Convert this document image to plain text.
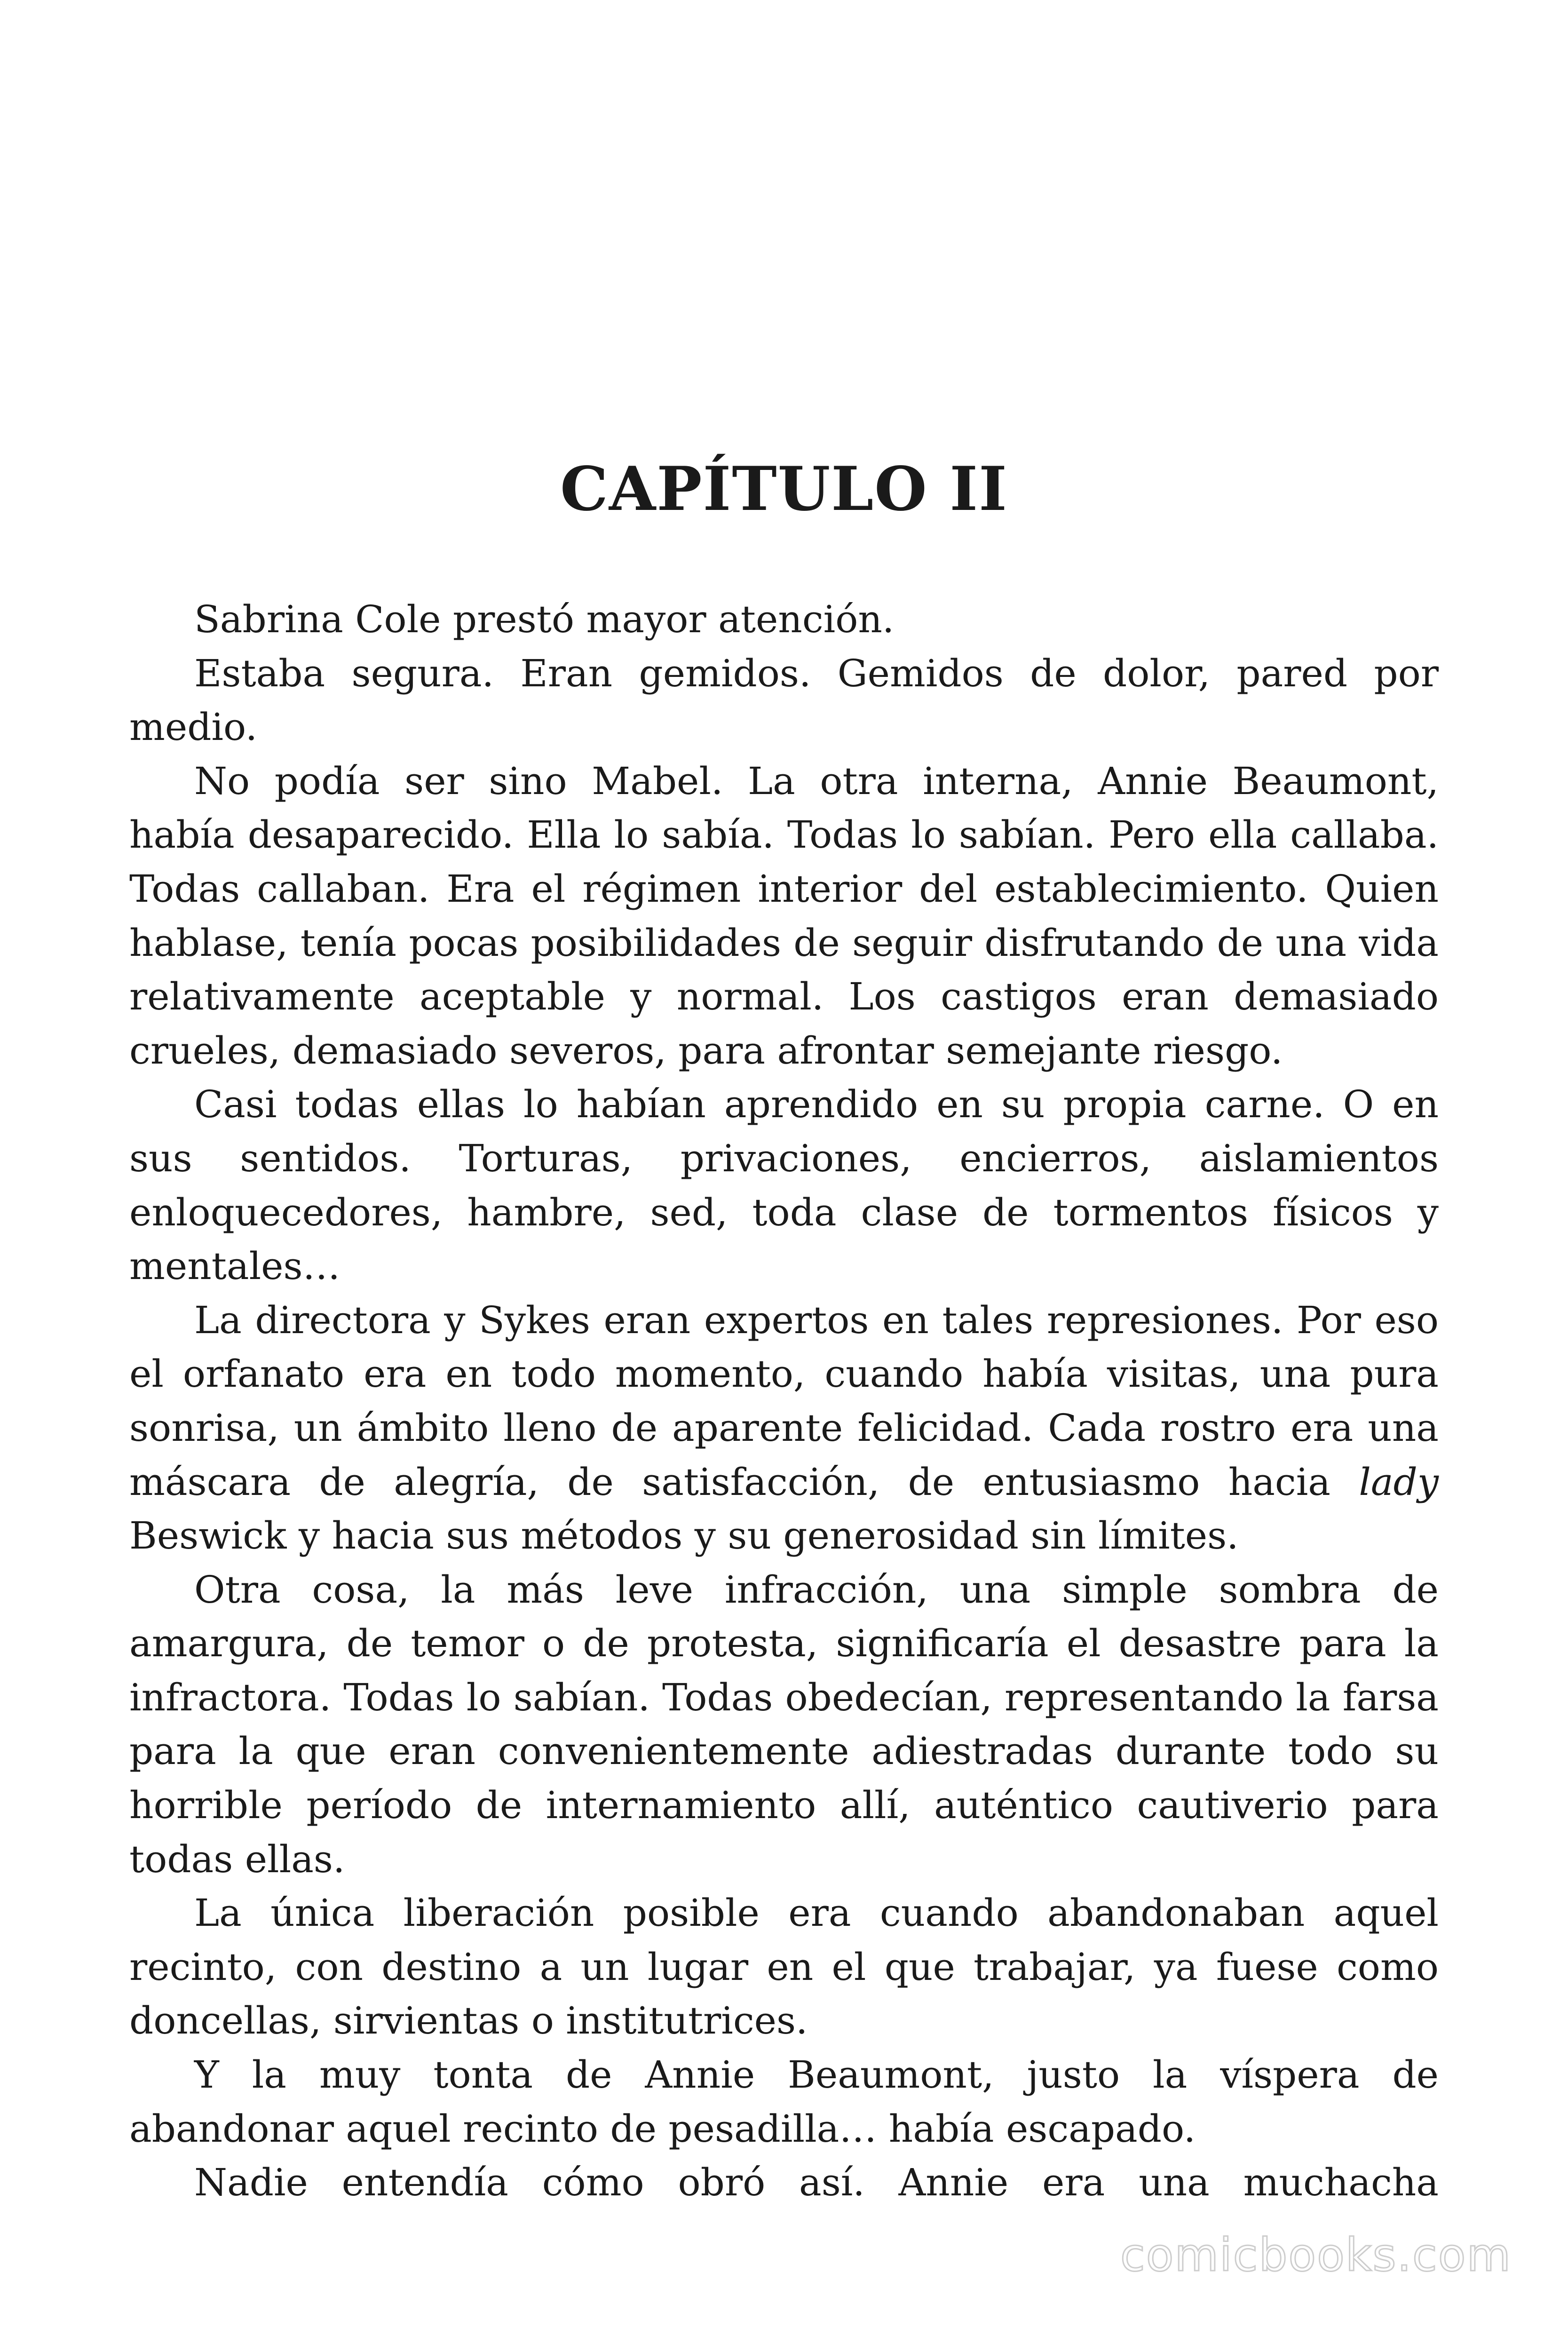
CAPÍTULO II

Sabrina Cole prestó mayor atención.

Estaba segura. Eran gemidos. Gemidos de dolor, pared por medio.

No podía ser sino Mabel. La otra interna, Annie Beaumont, había desaparecido. Ella lo sabía. Todas lo sabían. Pero ella callaba. Todas callaban. Era el régimen interior del establecimiento. Quien hablase, tenía pocas posibilidades de seguir disfrutando de una vida relativamente aceptable y normal. Los castigos eran demasiado crueles, demasiado severos, para afrontar semejante riesgo.

Casi todas ellas lo habían aprendido en su propia carne. O en sus sentidos. Torturas, privaciones, encierros, aislamientos enloquecedores, hambre, sed, toda clase de tormentos físicos y mentales…

La directora y Sykes eran expertos en tales represiones. Por eso el orfanato era en todo momento, cuando había visitas, una pura sonrisa, un ámbito lleno de aparente felicidad. Cada rostro era una máscara de alegría, de satisfacción, de entusiasmo hacia lady Beswick y hacia sus métodos y su generosidad sin límites.

Otra cosa, la más leve infracción, una simple sombra de amargura, de temor o de protesta, significaría el desastre para la infractora. Todas lo sabían. Todas obedecían, representando la farsa para la que eran convenientemente adiestradas durante todo su horrible período de internamiento allí, auténtico cautiverio para todas ellas.

La única liberación posible era cuando abandonaban aquel recinto, con destino a un lugar en el que trabajar, ya fuese como doncellas, sirvientas o institutrices.

Y la muy tonta de Annie Beaumont, justo la víspera de abandonar aquel recinto de pesadilla… había escapado.

Nadie entendía cómo obró así. Annie era una muchacha

comicbooks.com
